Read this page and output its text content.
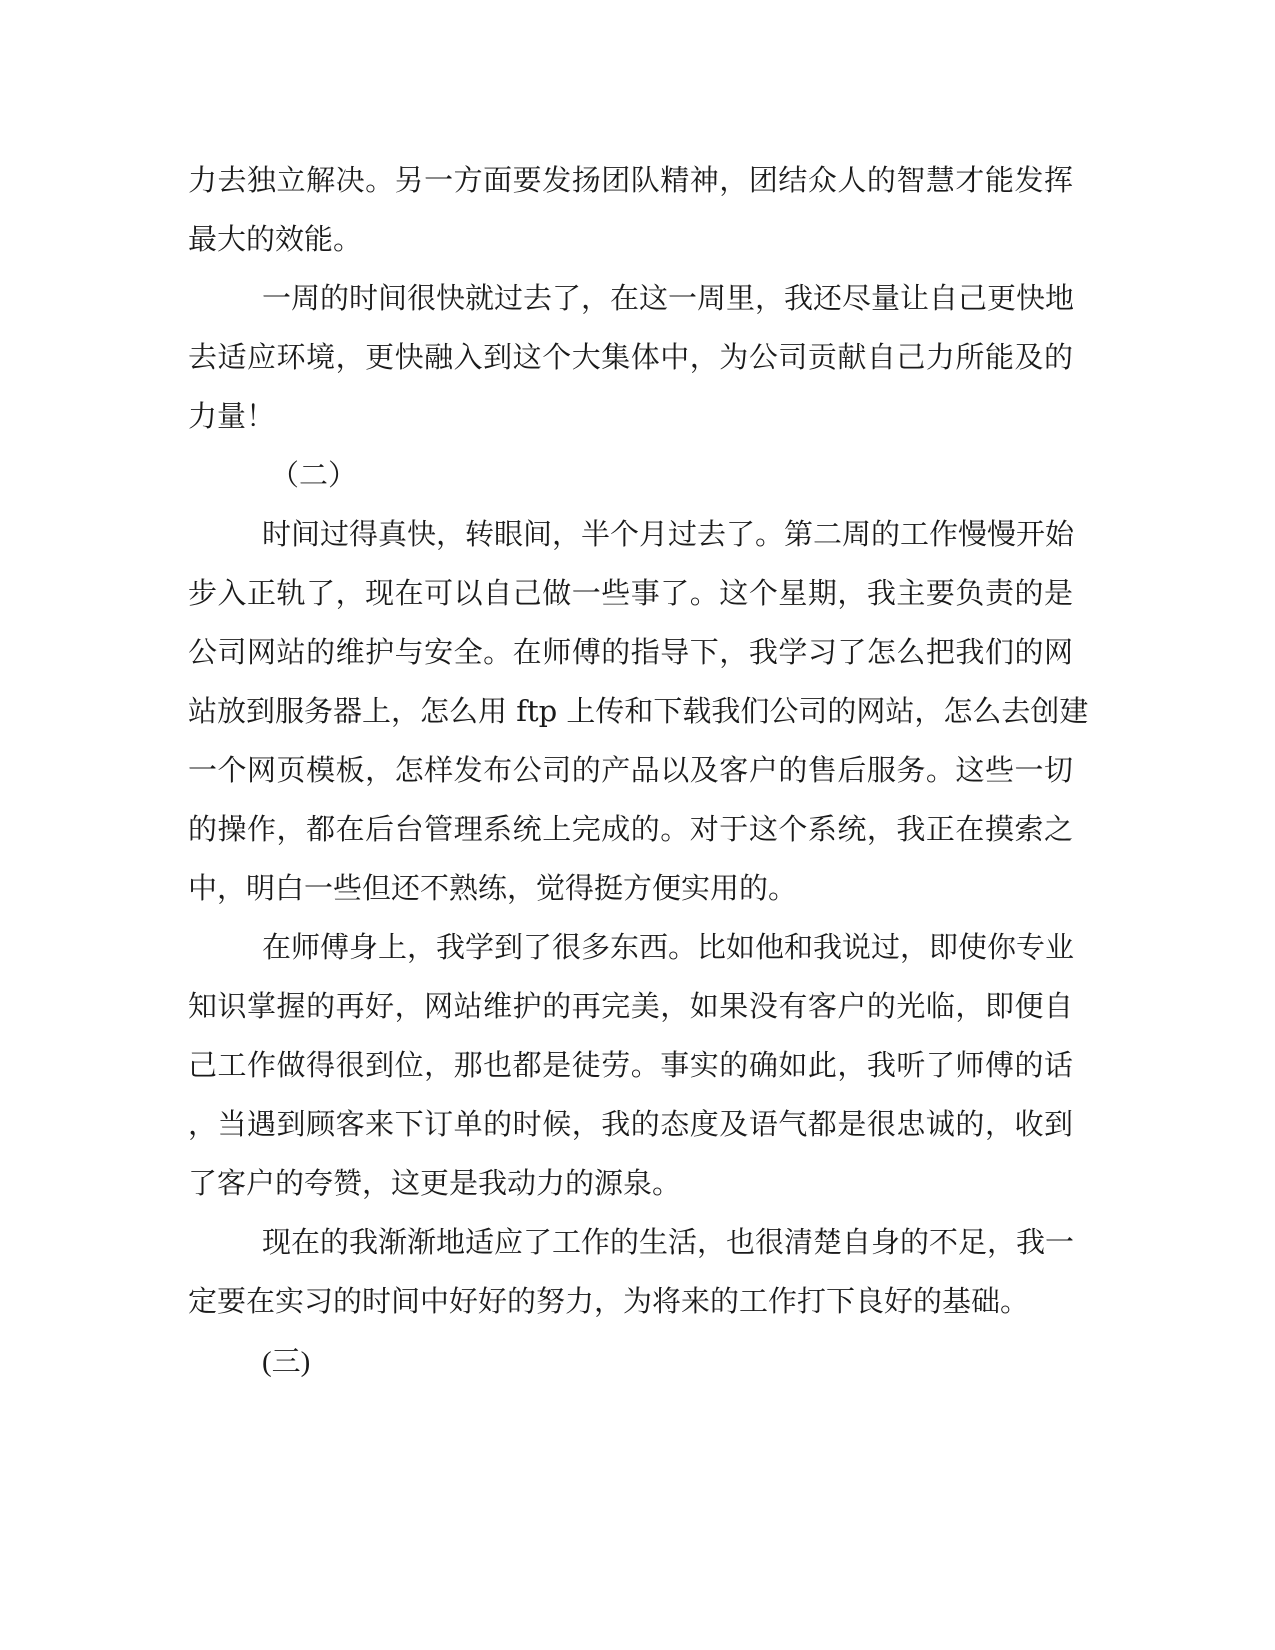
力去独立解决。另一方面要发扬团队精神，团结众人的智慧才能发挥
最大的效能。
一周的时间很快就过去了，在这一周里，我还尽量让自己更快地
去适应环境，更快融入到这个大集体中，为公司贡献自己力所能及的
力量！
（二）
时间过得真快，转眼间，半个月过去了。第二周的工作慢慢开始
步入正轨了，现在可以自己做一些事了。这个星期，我主要负责的是
公司网站的维护与安全。在师傅的指导下，我学习了怎么把我们的网
站放到服务器上，怎么用 ftp 上传和下载我们公司的网站，怎么去创建
一个网页模板，怎样发布公司的产品以及客户的售后服务。这些一切
的操作，都在后台管理系统上完成的。对于这个系统，我正在摸索之
中，明白一些但还不熟练，觉得挺方便实用的。
在师傅身上，我学到了很多东西。比如他和我说过，即使你专业
知识掌握的再好，网站维护的再完美，如果没有客户的光临，即便自
己工作做得很到位，那也都是徒劳。事实的确如此，我听了师傅的话
，当遇到顾客来下订单的时候，我的态度及语气都是很忠诚的，收到
了客户的夸赞，这更是我动力的源泉。
现在的我渐渐地适应了工作的生活，也很清楚自身的不足，我一
定要在实习的时间中好好的努力，为将来的工作打下良好的基础。
(三)
